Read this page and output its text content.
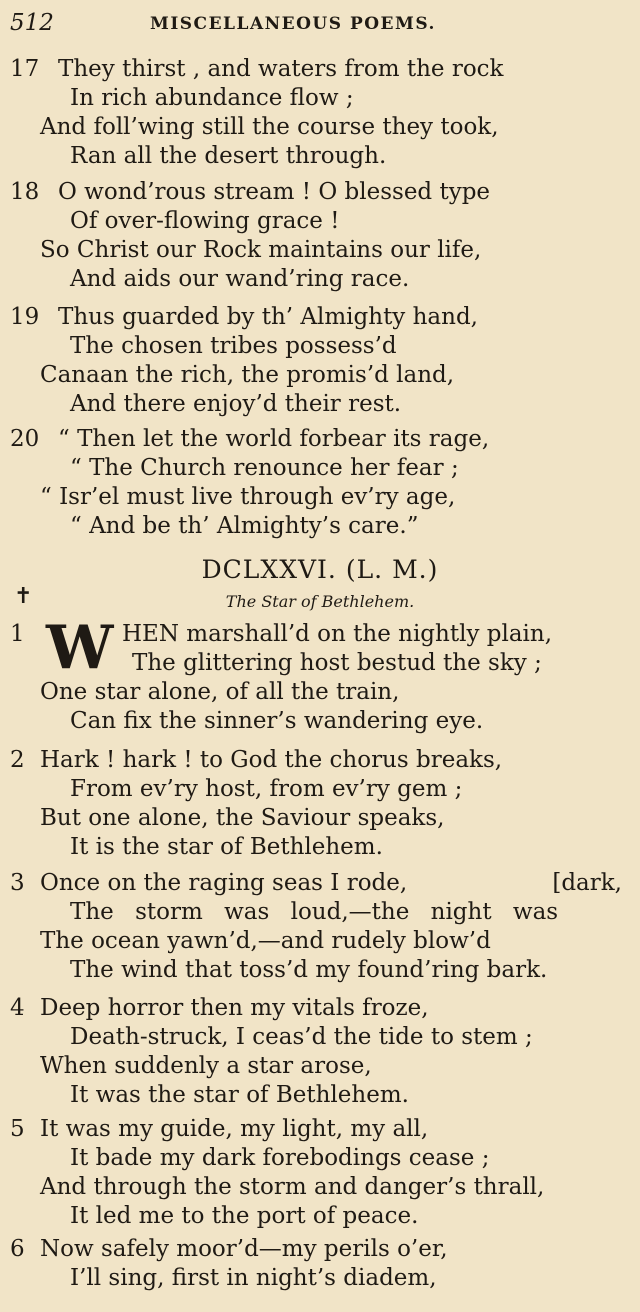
512	MISCELLANEOUS POEMS.
17 They thirst , and waters from the rock
In rich abundance flow ;
And foll’wing still the course they took,
Ran all the desert through.
18 O wond’rous stream ! O blessed type
Of over-flowing grace !
So Christ our Rock maintains our life,
And aids our wand’ring race.
19 Thus guarded by th’ Almighty hand,
The chosen tribes possess’d
Canaan the rich, the promis’d land,
And there enjoy’d their rest.
20 “ Then let the world forbear its rage,
“ The Church renounce her fear ;
“ Isr’el must live through ev’ry age,
“ And be th’ Almighty’s care.”
DCLXXVI. (L. M.)
✝	The Star of Bethlehem.
1 W HEN marshall’d on the nightly plain,
The glittering host bestud the sky ;
One star alone, of all the train,
Can fix the sinner’s wandering eye.
2 Hark ! hark ! to God the chorus breaks,
From ev’ry host, from ev’ry gem ;
But one alone, the Saviour speaks,
It is the star of Bethlehem.
3 Once on the raging seas I rode,	[dark,
The storm was loud,—the night was
The ocean yawn’d,—and rudely blow’d
The wind that toss’d my found’ring bark.
4 Deep horror then my vitals froze,
Death-struck, I ceas’d the tide to stem ;
When suddenly a star arose,
It was the star of Bethlehem.
5 It was my guide, my light, my all,
It bade my dark forebodings cease ;
And through the storm and danger’s thrall,
It led me to the port of peace.
6 Now safely moor’d—my perils o’er,
I’ll sing, first in night’s diadem,
